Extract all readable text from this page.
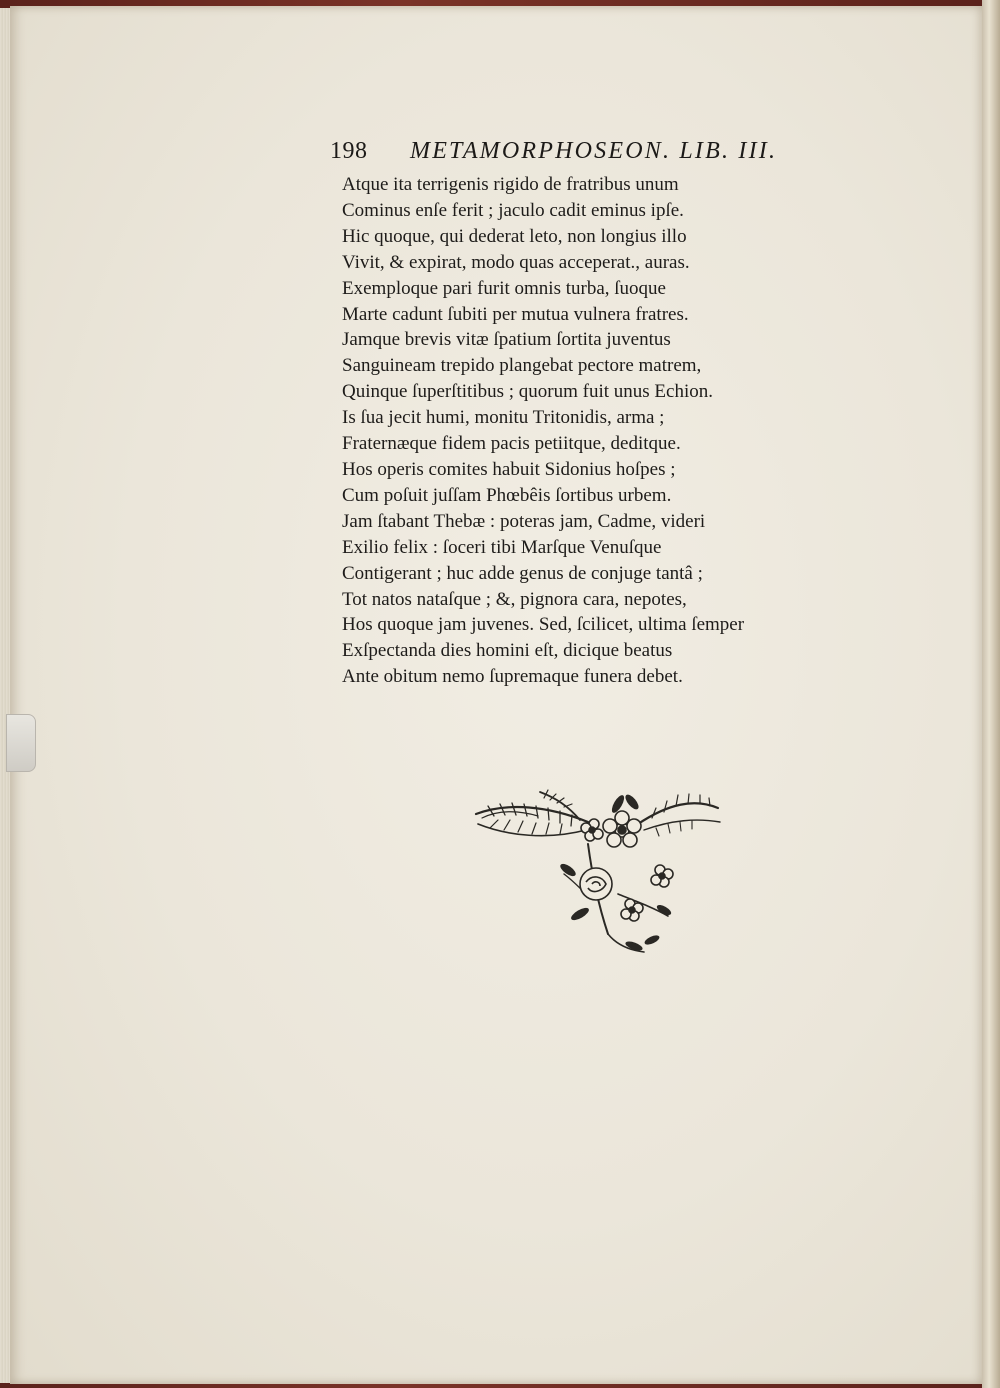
198 METAMORPHOSEON. LIB. III.
Atque ita terrigenis rigido de fratribus unum
Cominus enſe ferit ; jaculo cadit eminus ipſe.
Hic quoque, qui dederat leto, non longius illo
Vivit, & expirat, modo quas acceperat., auras.
Exemploque pari furit omnis turba, ſuoque
Marte cadunt ſubiti per mutua vulnera fratres.
Jamque brevis vitæ ſpatium ſortita juventus
Sanguineam trepido plangebat pectore matrem,
Quinque ſuperſtitibus ; quorum fuit unus Echion.
Is ſua jecit humi, monitu Tritonidis, arma ;
Fraternæque fidem pacis petiitque, deditque.
Hos operis comites habuit Sidonius hoſpes ;
Cum poſuit juſſam Phœbêis ſortibus urbem.
Jam ſtabant Thebæ : poteras jam, Cadme, videri
Exilio felix : ſoceri tibi Marſque Venuſque
Contigerant ; huc adde genus de conjuge tantâ ;
Tot natos nataſque ; &, pignora cara, nepotes,
Hos quoque jam juvenes. Sed, ſcilicet, ultima ſemper
Exſpectanda dies homini eſt, dicique beatus
Ante obitum nemo ſupremaque funera debet.
